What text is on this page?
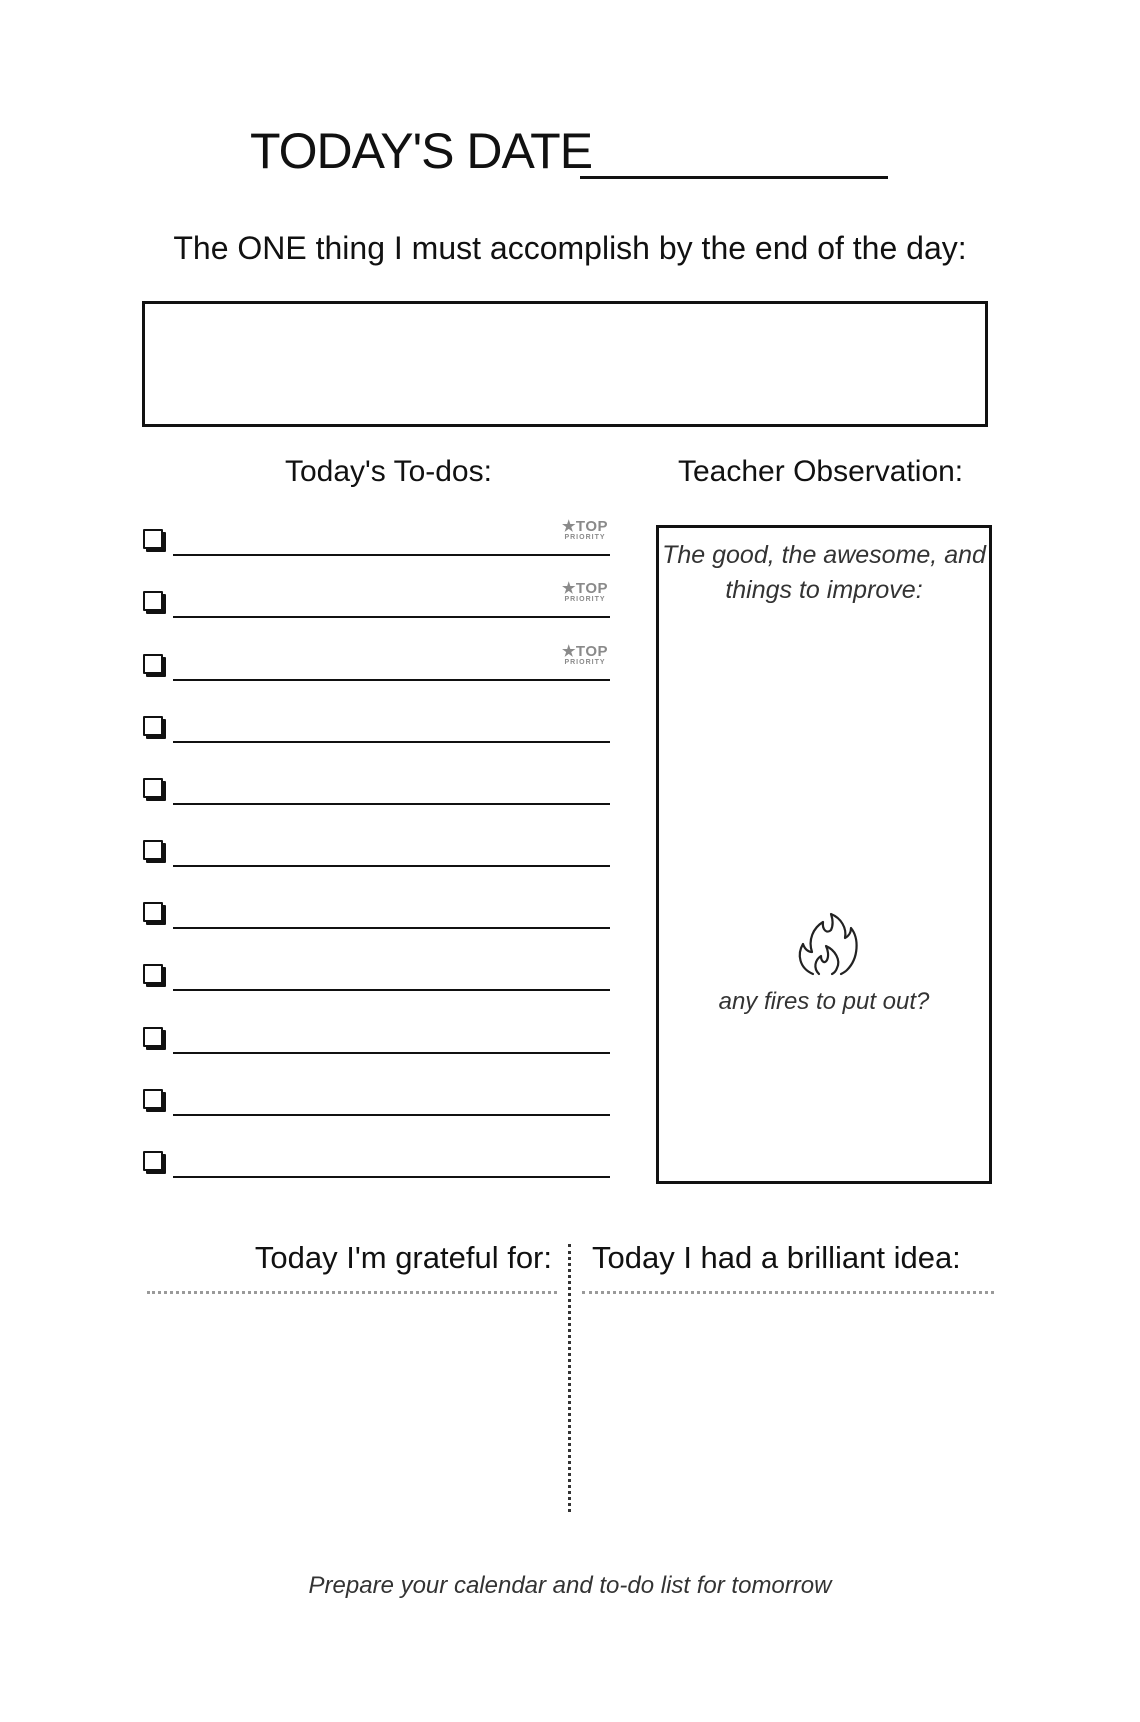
TODAY'S DATE
The ONE thing I must accomplish by the end of the day:
Today's To-dos:	Teacher Observation:
★TOP
PRIORITY
★TOP
PRIORITY
★TOP
PRIORITY
The good, the awesome, and
things to improve:
any fires to put out?
Today I'm grateful for: Today I had a brilliant idea:
Prepare your calendar and to-do list for tomorrow
